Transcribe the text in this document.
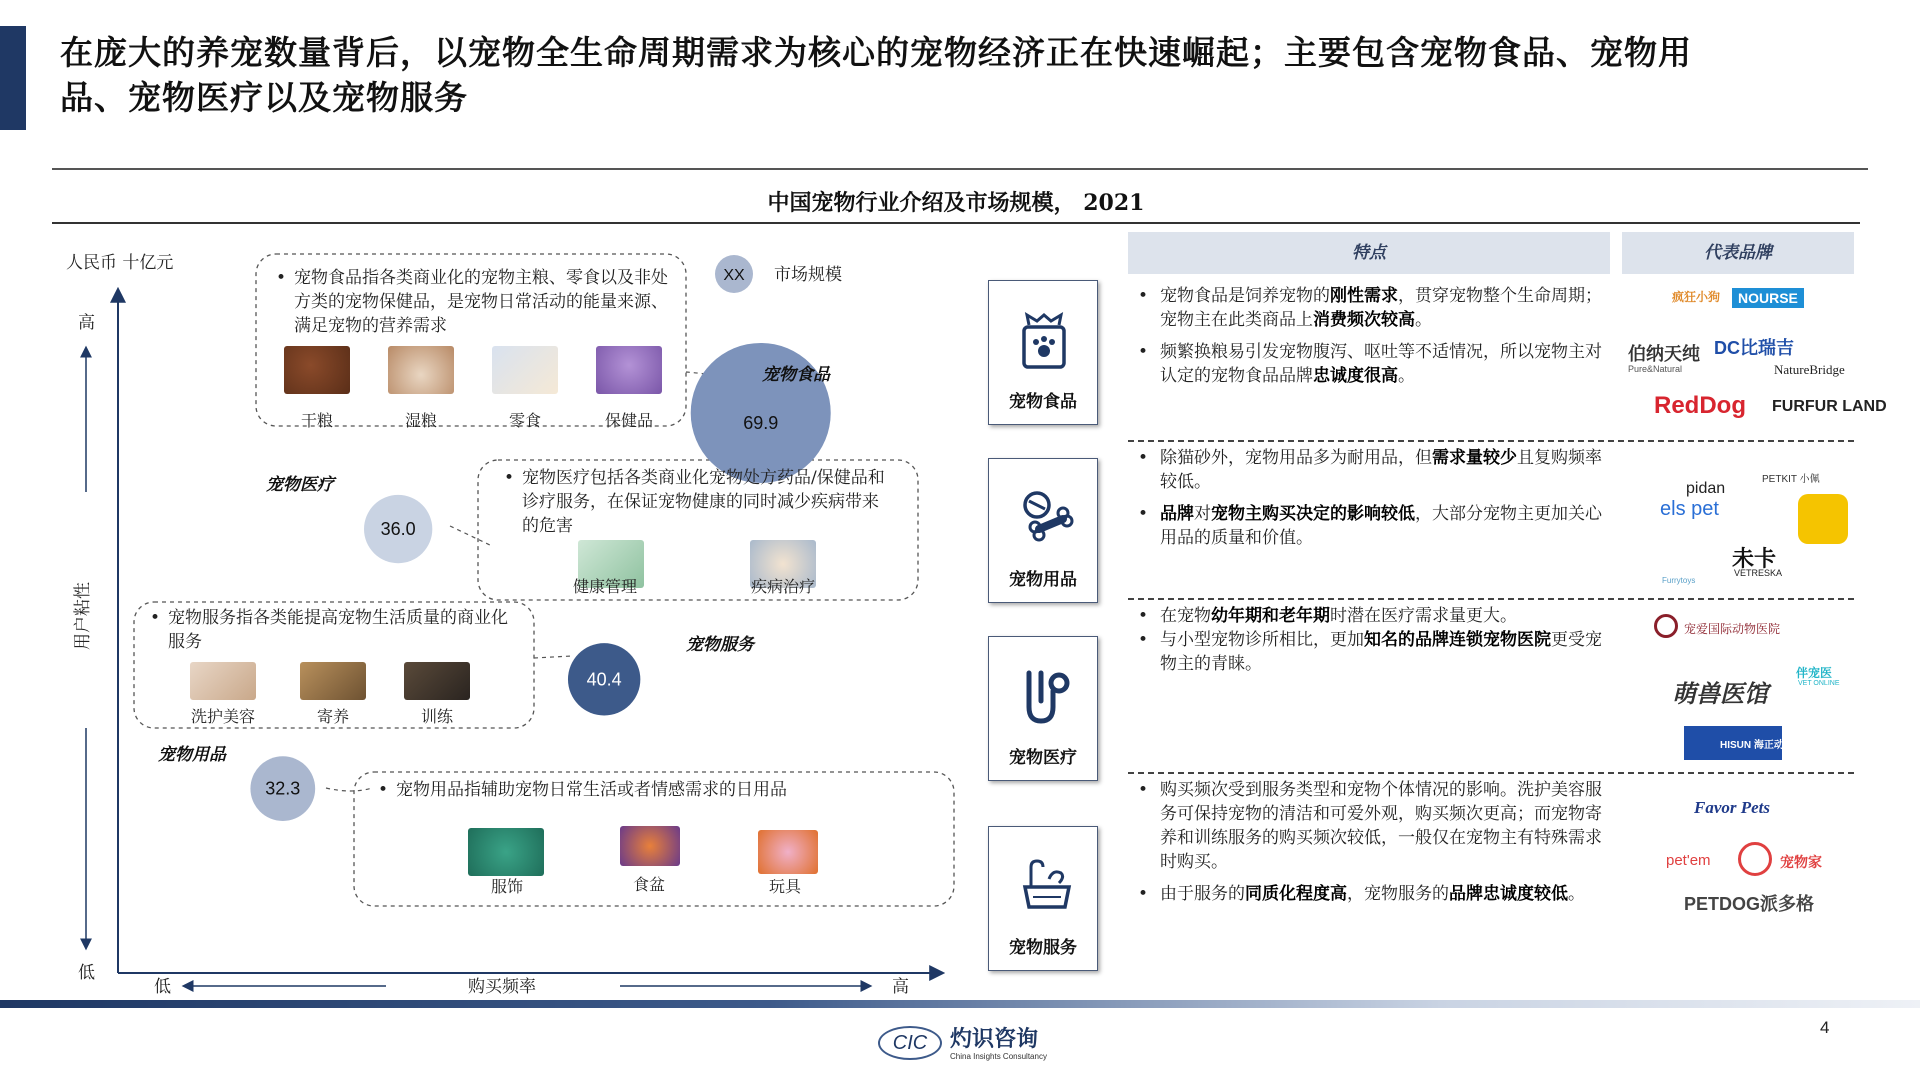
在庞大的养宠数量背后，以宠物全生命周期需求为核心的宠物经济正在快速崛起；主要包含宠物食品、宠物用
品、宠物医疗以及宠物服务
中国宠物行业介绍及市场规模， 2021
人民币 十亿元
高
低
用户粘性
低	高
购买频率
XX 市场规模
69.9
36.0
40.4
32.3
宠物食品
宠物医疗
宠物服务
宠物用品
• 宠物食品指各类商业化的宠物主粮、零食以及非处方类的宠物保健品，是宠物日常活动的能量来源、满足宠物的营养需求
干粮	湿粮	零食	保健品
• 宠物医疗包括各类商业化宠物处方药品/保健品和诊疗服务，在保证宠物健康的同时减少疾病带来的危害
健康管理	疾病治疗
• 宠物服务指各类能提高宠物生活质量的商业化服务
洗护美容	寄养	训练
• 宠物用品指辅助宠物日常生活或者情感需求的日用品
服饰	食盆	玩具
宠物食品
宠物用品
宠物医疗
宠物服务
特点	代表品牌
• 宠物食品是饲养宠物的刚性需求，贯穿宠物整个生命周期；宠物主在此类商品上消费频次较高。
• 频繁换粮易引发宠物腹泻、呕吐等不适情况，所以宠物主对认定的宠物食品品牌忠诚度很高。
疯狂小狗	NOURSE
伯纳天纯
Pure&Natural
DC比瑞吉
NatureBridge
RedDog FURFUR LAND
• 除猫砂外，宠物用品多为耐用品，但需求量较少且复购频率较低。
• 品牌对宠物主购买决定的影响较低，大部分宠物主更加关心用品的质量和价值。
pidan
PETKIT 小佩
els pet
Furrytoys
未卡
VETRESKA
• 在宠物幼年期和老年期时潜在医疗需求量更大。
• 与小型宠物诊所相比，更加知名的品牌连锁宠物医院更受宠物主的青睐。
宠爱国际动物医院
伴宠医
VET ONLINE
萌兽医馆
HISUN 海正动保
• 购买频次受到服务类型和宠物个体情况的影响。洗护美容服务可保持宠物的清洁和可爱外观，购买频次更高；而宠物寄养和训练服务的购买频次较低，一般仅在宠物主有特殊需求时购买。
• 由于服务的同质化程度高，宠物服务的品牌忠诚度较低。
Favor Pets
pet'em	宠物家
PETDOG派多格
CIC	灼识咨询
China Insights Consultancy
4
